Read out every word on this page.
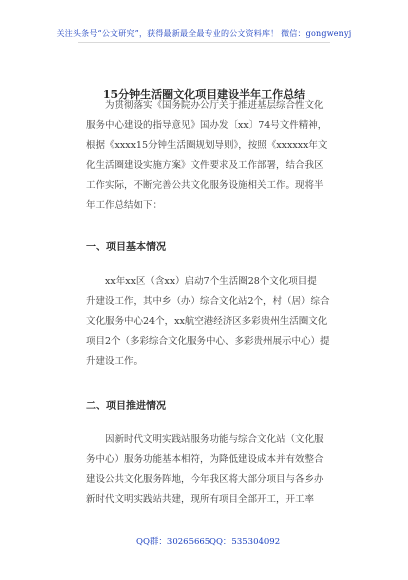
关注头条号“公文研究”，获得最新最全最专业的公文资料库！ 微信：gongwenyj
15分钟生活圈文化项目建设半年工作总结
为贯彻落实《国务院办公厅关于推进基层综合性文化
服务中心建设的指导意见》国办发〔xx〕74号文件精神，
根据《xxxx15分钟生活圈规划导则》，按照《xxxxxx年文
化生活圈建设实施方案》文件要求及工作部署，结合我区
工作实际，不断完善公共文化服务设施相关工作。现将半
年工作总结如下：
一、项目基本情况
xx年xx区（含xx）启动7个生活圈28个文化项目提
升建设工作，其中乡（办）综合文化站2个，村（居）综合
文化服务中心24个，xx航空港经济区多彩贵州生活圈文化
项目2个（多彩综合文化服务中心、多彩贵州展示中心）提
升建设工作。
二、项目推进情况
因新时代文明实践站服务功能与综合文化站（文化服
务中心）服务功能基本相符，为降低建设成本并有效整合
建设公共文化服务阵地，今年我区将大部分项目与各乡办
新时代文明实践站共建，现所有项目全部开工，开工率
QQ群：30265665
QQ：535304092
